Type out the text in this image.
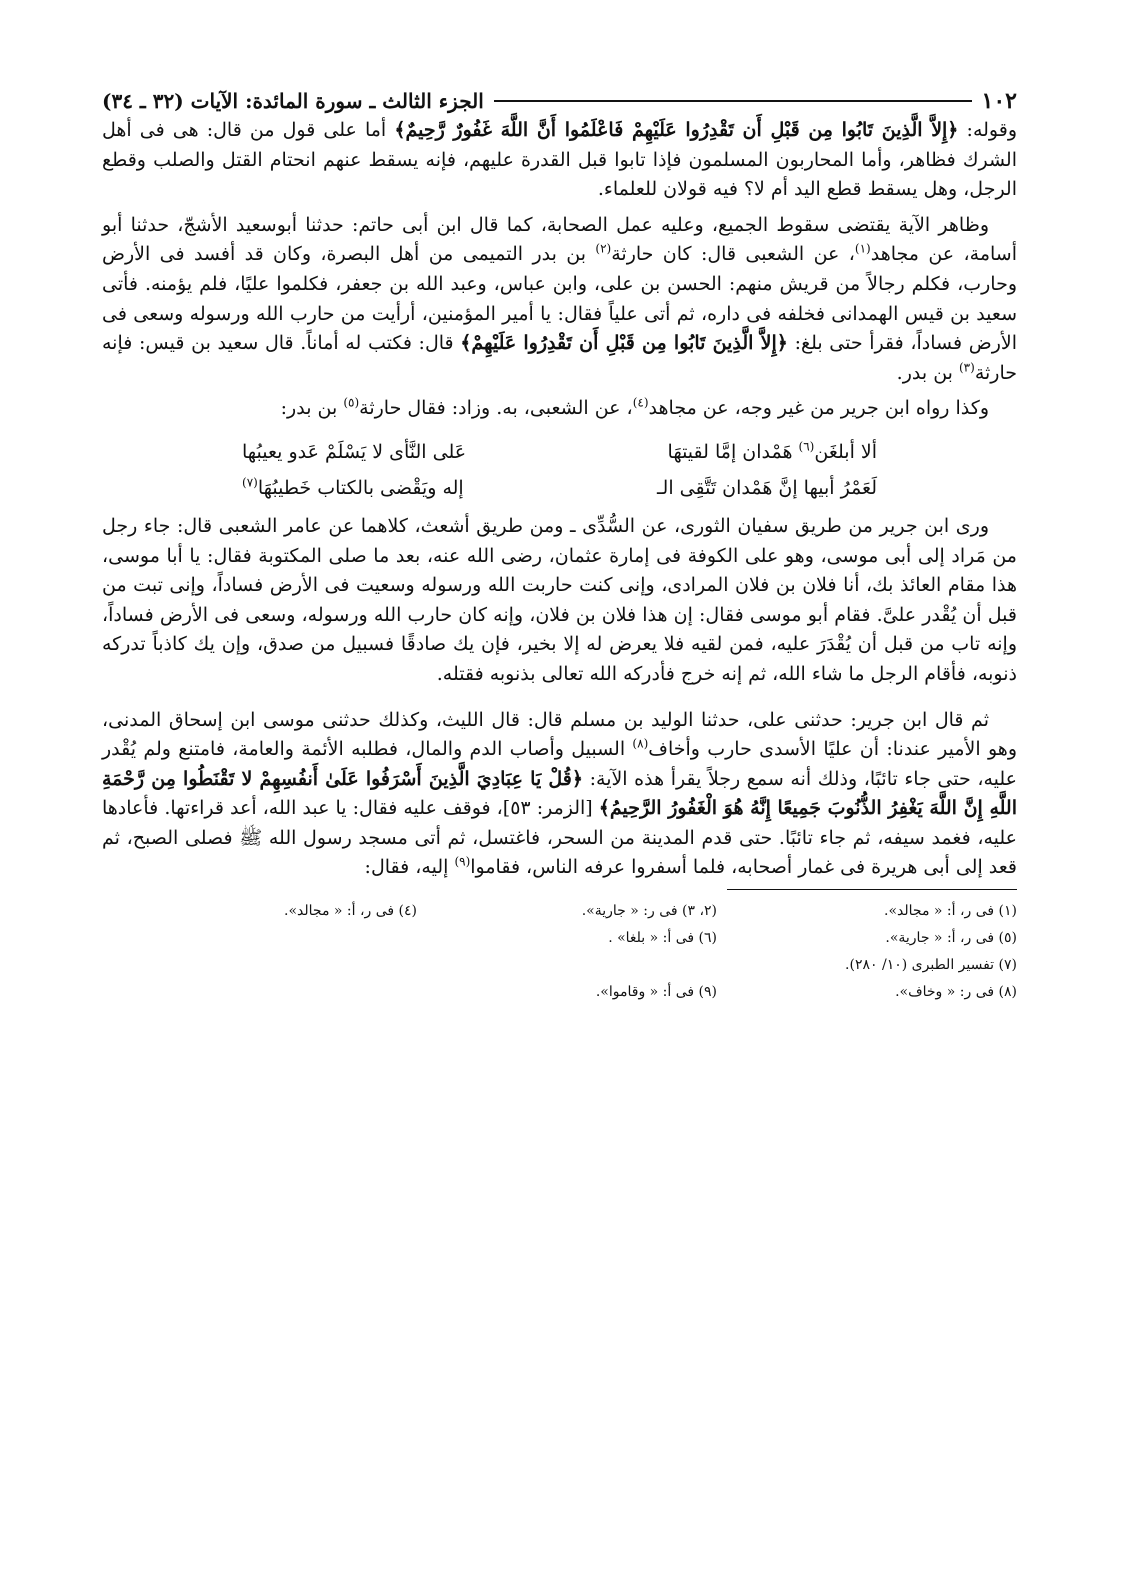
١٠٢
الجزء الثالث ـ سورة المائدة: الآيات (٣٢ ـ ٣٤)

وقوله: ﴿إِلاَّ الَّذِينَ تَابُوا مِن قَبْلِ أَن تَقْدِرُوا عَلَيْهِمْ فَاعْلَمُوا أَنَّ اللَّهَ غَفُورٌ رَّحِيمٌ﴾ أما على قول من قال: هى فى أهل الشرك فظاهر، وأما المحاربون المسلمون فإذا تابوا قبل القدرة عليهم، فإنه يسقط عنهم انحتام القتل والصلب وقطع الرجل، وهل يسقط قطع اليد أم لا؟ فيه قولان للعلماء.

وظاهر الآية يقتضى سقوط الجميع، وعليه عمل الصحابة، كما قال ابن أبى حاتم: حدثنا أبوسعيد الأشجّ، حدثنا أبو أسامة، عن مجاهد$^{(١)}$، عن الشعبى قال: كان حارثة$^{(٢)}$ بن بدر التميمى من أهل البصرة، وكان قد أفسد فى الأرض وحارب، فكلم رجالاً من قريش منهم: الحسن بن على، وابن عباس، وعبد الله بن جعفر، فكلموا عليًا، فلم يؤمنه. فأتى سعيد بن قيس الهمدانى فخلفه فى داره، ثم أتى علياً فقال: يا أمير المؤمنين، أرأيت من حارب الله ورسوله وسعى فى الأرض فساداً، فقرأ حتى بلغ: ﴿إِلاَّ الَّذِينَ تَابُوا مِن قَبْلِ أَن تَقْدِرُوا عَلَيْهِمْ﴾ قال: فكتب له أماناً. قال سعيد بن قيس: فإنه حارثة$^{(٣)}$ بن بدر.

وكذا رواه ابن جرير من غير وجه، عن مجاهد$^{(٤)}$، عن الشعبى، به. وزاد: فقال حارثة$^{(٥)}$ بن بدر:

ألا أبلغَن$^{(٦)}$ هَمْدان إمَّا لقيتهَا
عَلى النَّأى لا يَسْلَمْ عَدو يعيبُها
لَعَمْرُ أبيها إنَّ هَمْدان تَتَّقِى الـ
إله ويَقْضى بالكتاب خَطيبُهَا$^{(٧)}$

ورى ابن جرير من طريق سفيان الثورى، عن السُّدِّى ـ ومن طريق أشعث، كلاهما عن عامر الشعبى قال: جاء رجل من مَراد إلى أبى موسى، وهو على الكوفة فى إمارة عثمان، رضى الله عنه، بعد ما صلى المكتوبة فقال: يا أبا موسى، هذا مقام العائذ بك، أنا فلان بن فلان المرادى، وإنى كنت حاربت الله ورسوله وسعيت فى الأرض فساداً، وإنى تبت من قبل أن يُقْدر علىَّ. فقام أبو موسى فقال: إن هذا فلان بن فلان، وإنه كان حارب الله ورسوله، وسعى فى الأرض فساداً، وإنه تاب من قبل أن يُقْدَرَ عليه، فمن لقيه فلا يعرض له إلا بخير، فإن يك صادقًا فسبيل من صدق، وإن يك كاذباً تدركه ذنوبه، فأقام الرجل ما شاء الله، ثم إنه خرج فأدركه الله تعالى بذنوبه فقتله.

ثم قال ابن جرير: حدثنى على، حدثنا الوليد بن مسلم قال: قال الليث، وكذلك حدثنى موسى ابن إسحاق المدنى، وهو الأمير عندنا: أن عليًا الأسدى حارب وأخاف$^{(٨)}$ السبيل وأصاب الدم والمال، فطلبه الأئمة والعامة، فامتنع ولم يُقْدر عليه، حتى جاء تائبًا، وذلك أنه سمع رجلاً يقرأ هذه الآية: ﴿قُلْ يَا عِبَادِيَ الَّذِينَ أَسْرَفُوا عَلَىٰ أَنفُسِهِمْ لا تَقْنَطُوا مِن رَّحْمَةِ اللَّهِ إِنَّ اللَّهَ يَغْفِرُ الذُّنُوبَ جَمِيعًا إِنَّهُ هُوَ الْغَفُورُ الرَّحِيمُ﴾ [الزمر: ٥٣]، فوقف عليه فقال: يا عبد الله، أعد قراءتها. فأعادها عليه، فغمد سيفه، ثم جاء تائبًا. حتى قدم المدينة من السحر، فاغتسل، ثم أتى مسجد رسول الله ﷺ فصلى الصبح، ثم قعد إلى أبى هريرة فى غمار أصحابه، فلما أسفروا عرفه الناس، فقاموا$^{(٩)}$ إليه، فقال:

(١) فى ر، أ: « مجالد».
(٢، ٣) فى ر: « جارية».
(٤) فى ر، أ: « مجالد».
(٥) فى ر، أ: « جارية».
(٦) فى أ: « بلغا» .
(٧) تفسير الطبرى (١٠/ ٢٨٠).
(٨) فى ر: « وخاف».
(٩) فى أ: « وقاموا».
